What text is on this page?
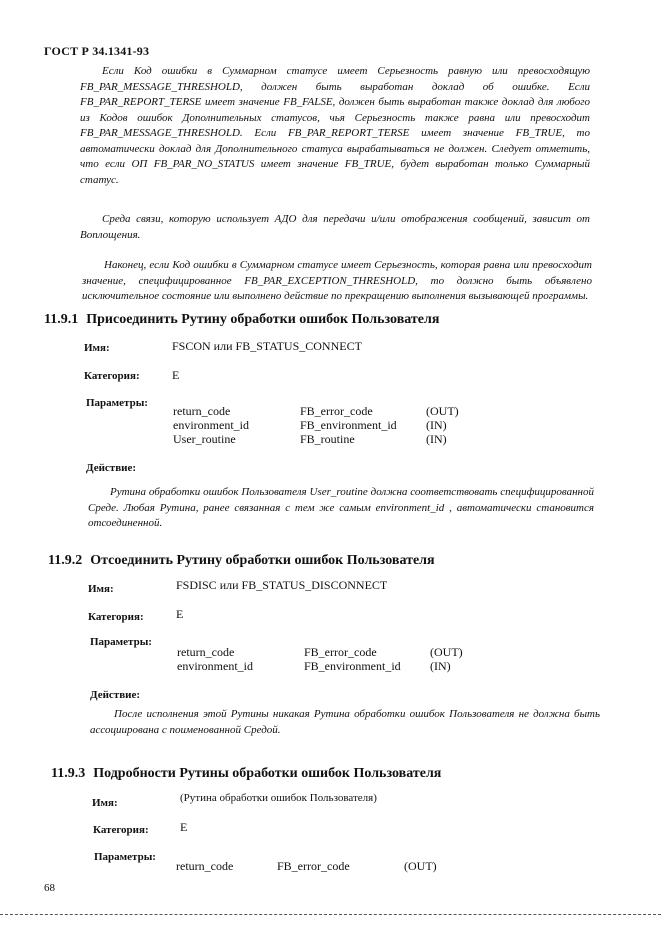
ГОСТ Р 34.1341-93

Если Код ошибки в Суммарном статусе имеет Серьезность равную или превосходящую FB_PAR_MESSAGE_THRESHOLD, должен быть выработан доклад об ошибке. Если FB_PAR_REPORT_TERSE имеет значение FB_FALSE, должен быть выработан также доклад для любого из Кодов ошибок Дополнительных статусов, чья Серьезность также равна или превосходит FB_PAR_MESSAGE_THRESHOLD. Если FB_PAR_REPORT_TERSE имеет значение FB_TRUE, то автоматически доклад для Дополнительного статуса вырабатываться не должен. Следует отметить, что если ОП FB_PAR_NO_STATUS имеет значение FB_TRUE, будет выработан только Суммарный статус.

Среда связи, которую использует АДО для передачи и/или отображения сообщений, зависит от Воплощения.

Наконец, если Код ошибки в Суммарном статусе имеет Серьезность, которая равна или превосходит значение, специфицированное FB_PAR_EXCEPTION_THRESHOLD, то должно быть объявлено исключительное состояние или выполнено действие по прекращению выполнения вызывающей программы.

11.9.1 Присоединить Рутину обработки ошибок Пользователя
Имя:	FSCON или FB_STATUS_CONNECT
Категория:	E
Параметры:
return_code	FB_error_code	(OUT)
environment_id	FB_environment_id (IN)
User_routine	FB_routine	(IN)
Действие:

Рутина обработки ошибок Пользователя User_routine должна соответствовать специфицированной Среде. Любая Рутина, ранее связанная с тем же самым environment_id , автоматически становится отсоединенной.

11.9.2 Отсоединить Рутину обработки ошибок Пользователя
Имя:	FSDISC или FB_STATUS_DISCONNECT
Категория:	E
Параметры:
return_code	FB_error_code	(OUT)
environment_id	FB_environment_id (IN)
Действие:

После исполнения этой Рутины никакая Рутина обработки ошибок Пользователя не должна быть ассоциирована с поименованной Средой.

11.9.3 Подробности Рутины обработки ошибок Пользователя
Имя:	(Рутина обработки ошибок Пользователя)
Категория:	E
Параметры:
return_code	FB_error_code	(OUT)
68
